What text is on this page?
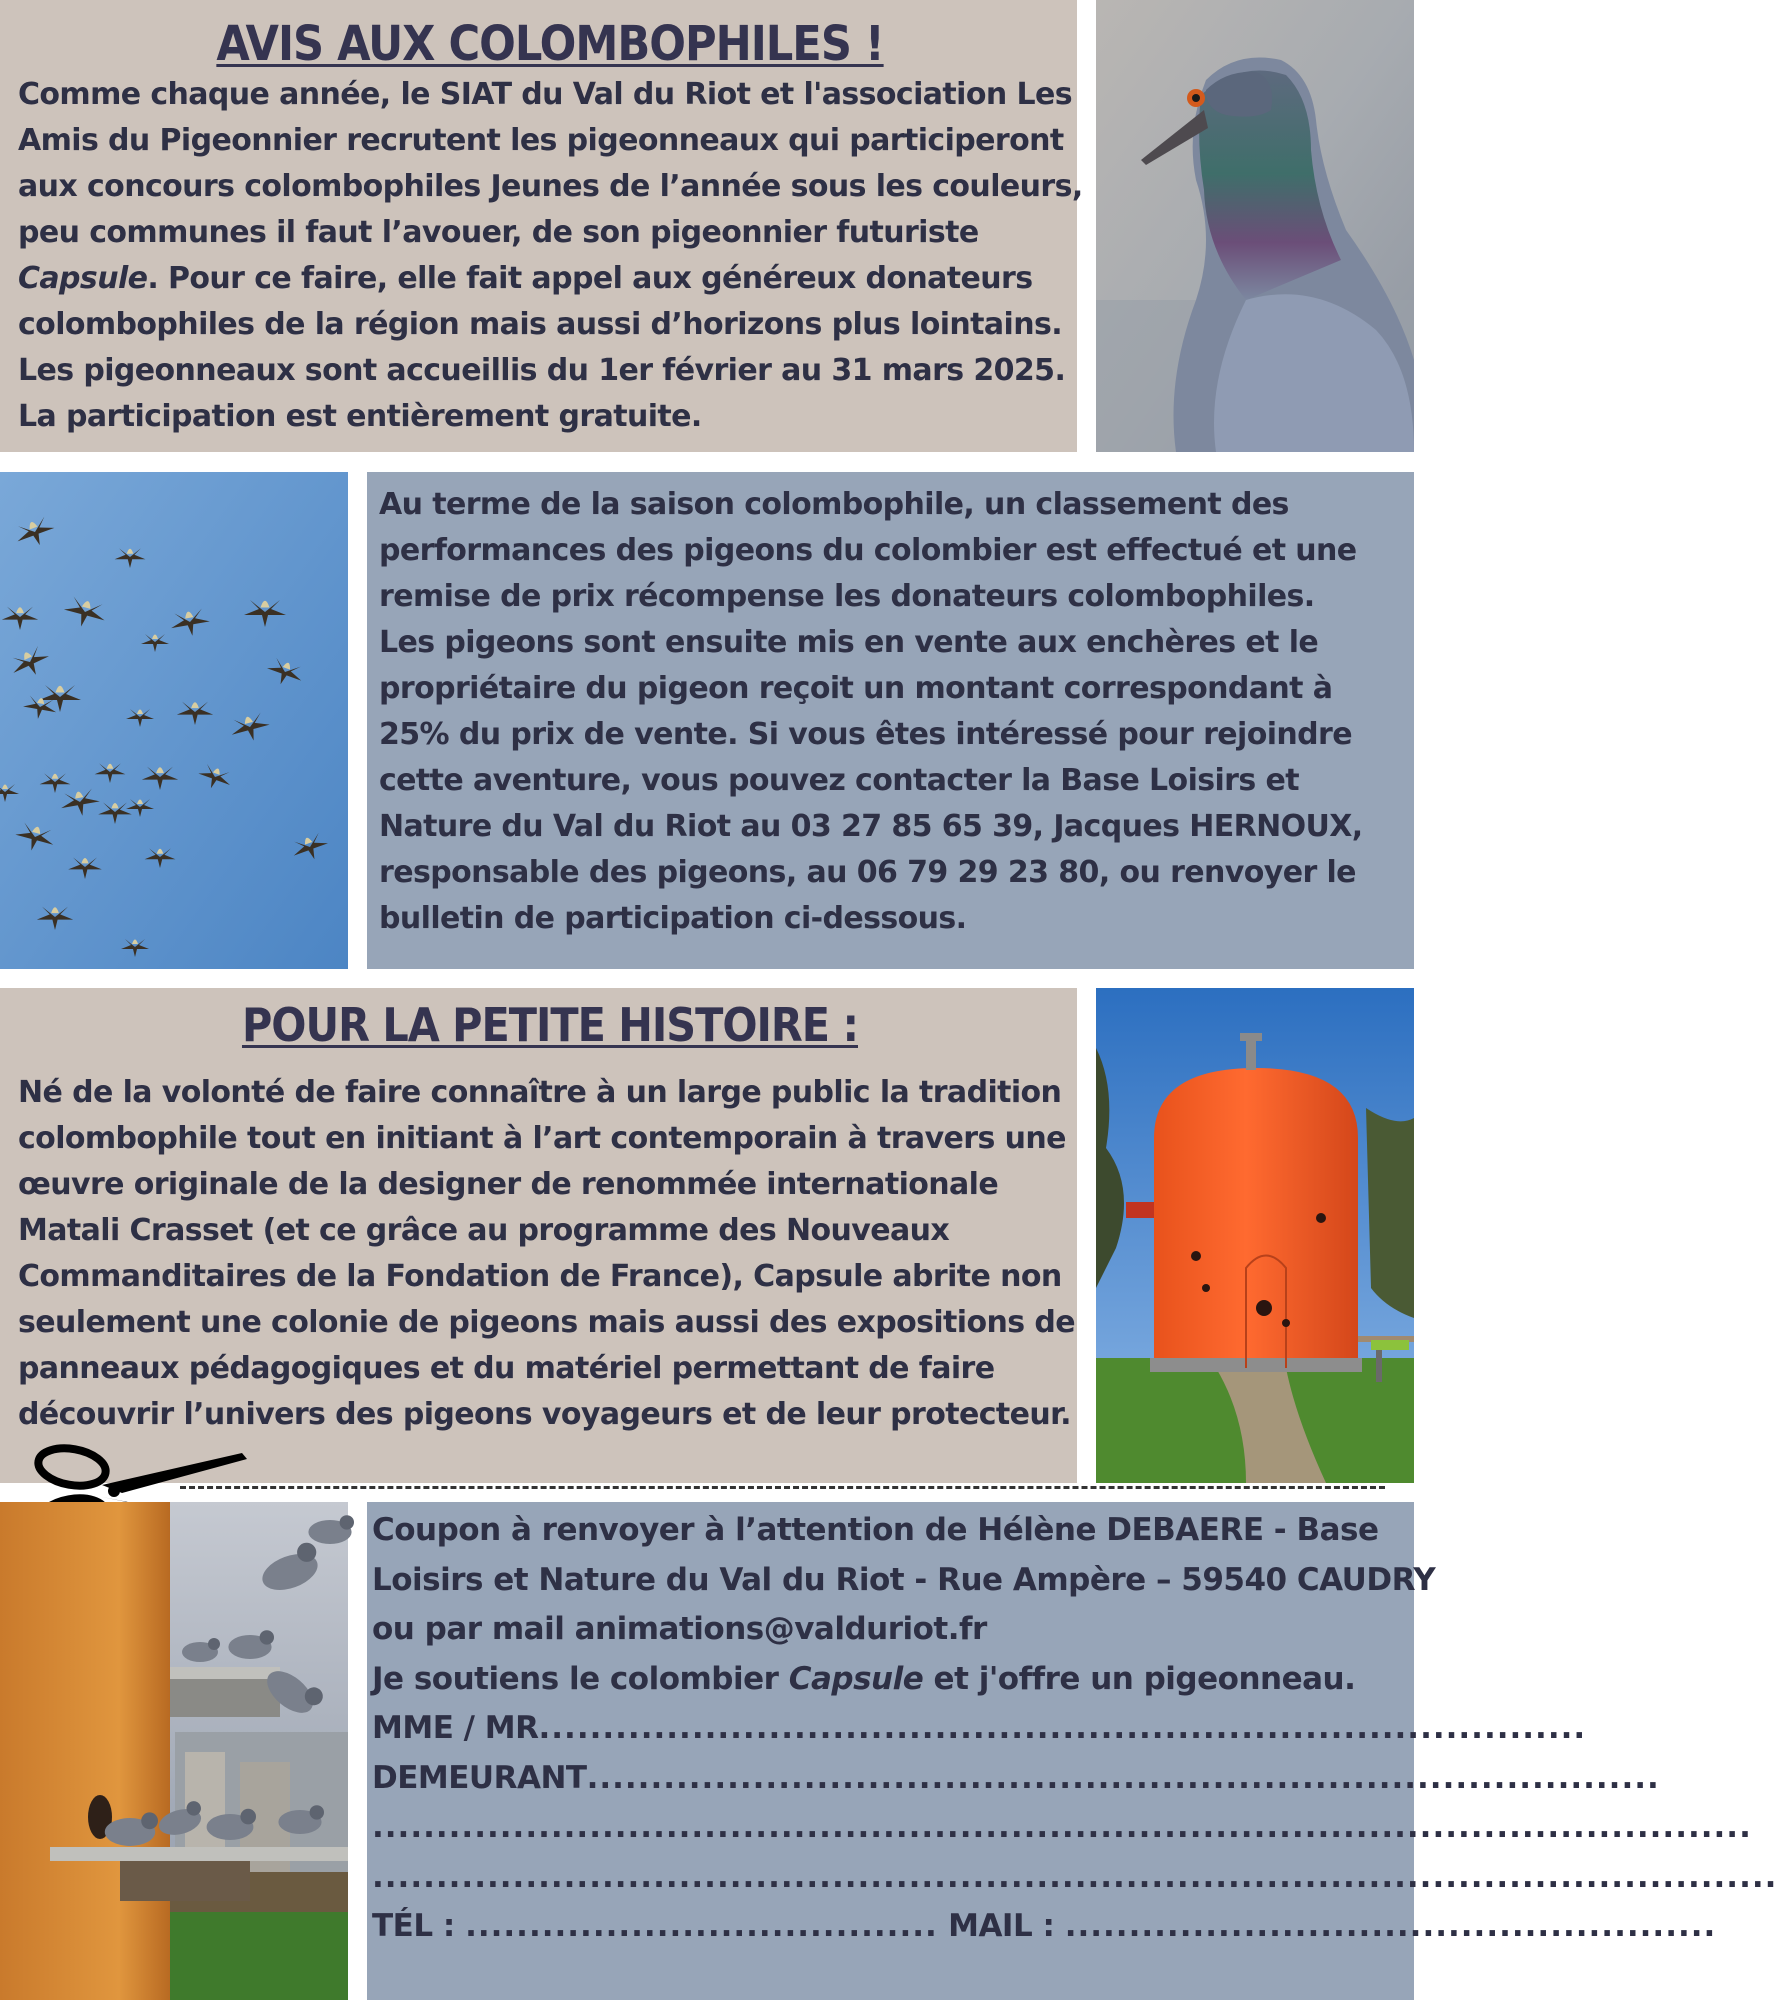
AVIS AUX COLOMBOPHILES !

Comme chaque année, le SIAT du Val du Riot et l'association Les

Amis du Pigeonnier recrutent les pigeonneaux qui participeront

aux concours colombophiles Jeunes de l’année sous les couleurs,

peu communes il faut l’avouer, de son pigeonnier futuriste

Capsule. Pour ce faire, elle fait appel aux généreux donateurs

colombophiles de la région mais aussi d’horizons plus lointains.

Les pigeonneaux sont accueillis du 1er février au 31 mars 2025.

La participation est entièrement gratuite.

Au terme de la saison colombophile, un classement des

performances des pigeons du colombier est effectué et une

remise de prix récompense les donateurs colombophiles.

Les pigeons sont ensuite mis en vente aux enchères et le

propriétaire du pigeon reçoit un montant correspondant à

25% du prix de vente. Si vous êtes intéressé pour rejoindre

cette aventure, vous pouvez contacter la Base Loisirs et

Nature du Val du Riot au 03 27 85 65 39, Jacques HERNOUX,

responsable des pigeons, au 06 79 29 23 80, ou renvoyer le

bulletin de participation ci-dessous.

POUR LA PETITE HISTOIRE :

Né de la volonté de faire connaître à un large public la tradition

colombophile tout en initiant à l’art contemporain à travers une

œuvre originale de la designer de renommée internationale

Matali Crasset (et ce grâce au programme des Nouveaux

Commanditaires de la Fondation de France), Capsule abrite non

seulement une colonie de pigeons mais aussi des expositions de

panneaux pédagogiques et du matériel permettant de faire

découvrir l’univers des pigeons voyageurs et de leur protecteur.

Coupon à renvoyer à l’attention de Hélène DEBAERE - Base
Loisirs et Nature du Val du Riot - Rue Ampère – 59540 CAUDRY
ou par mail animations@valduriot.fr
Je soutiens le colombier Capsule et j'offre un pigeonneau.
MME / MR..................................................................................
DEMEURANT....................................................................................
............................................................................................................
..............................................................................................................
TÉL : ..................................... MAIL : ...................................................
